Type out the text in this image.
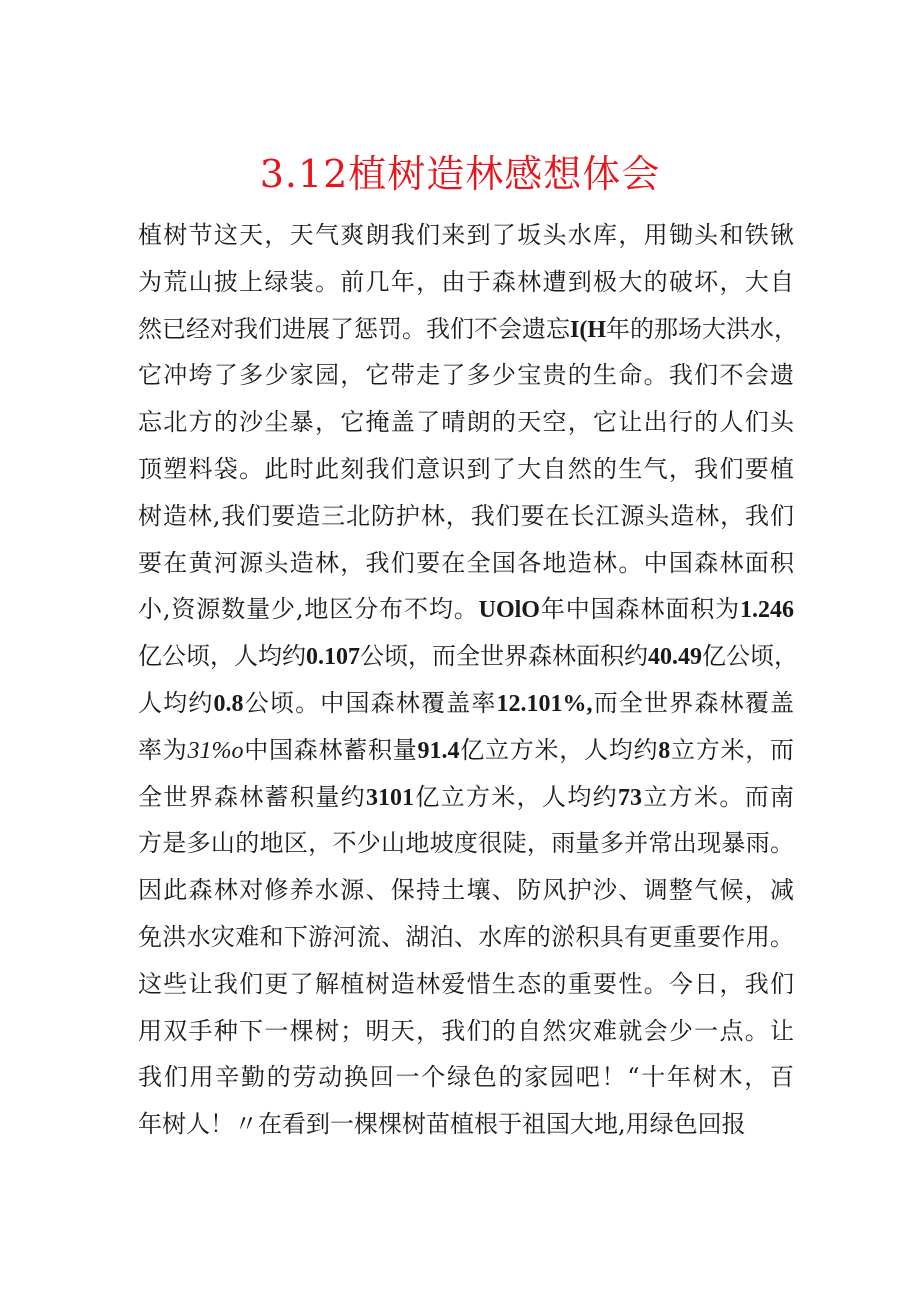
3.12植树造林感想体会
植树节这天，天气爽朗我们来到了坂头水库，用锄头和铁锹
为荒山披上绿装。前几年，由于森林遭到极大的破坏，大自
然已经对我们进展了惩罚。我们不会遗忘I(H年的那场大洪水，
它冲垮了多少家园，它带走了多少宝贵的生命。我们不会遗
忘北方的沙尘暴，它掩盖了晴朗的天空，它让出行的人们头
顶塑料袋。此时此刻我们意识到了大自然的生气，我们要植
树造林,我们要造三北防护林，我们要在长江源头造林，我们
要在黄河源头造林，我们要在全国各地造林。中国森林面积
小,资源数量少,地区分布不均。UOlO年中国森林面积为1.246
亿公顷，人均约0.107公顷，而全世界森林面积约40.49亿公顷，
人均约0.8公顷。中国森林覆盖率12.101%,而全世界森林覆盖
率为31%o中国森林蓄积量91.4亿立方米，人均约8立方米，而
全世界森林蓄积量约3101亿立方米，人均约73立方米。而南
方是多山的地区，不少山地坡度很陡，雨量多并常出现暴雨。
因此森林对修养水源、保持土壤、防风护沙、调整气候，减
免洪水灾难和下游河流、湖泊、水库的淤积具有更重要作用。
这些让我们更了解植树造林爱惜生态的重要性。今日，我们
用双手种下一棵树；明天，我们的自然灾难就会少一点。让
我们用辛勤的劳动换回一个绿色的家园吧！“十年树木，百
年树人！〃在看到一棵棵树苗植根于祖国大地,用绿色回报
